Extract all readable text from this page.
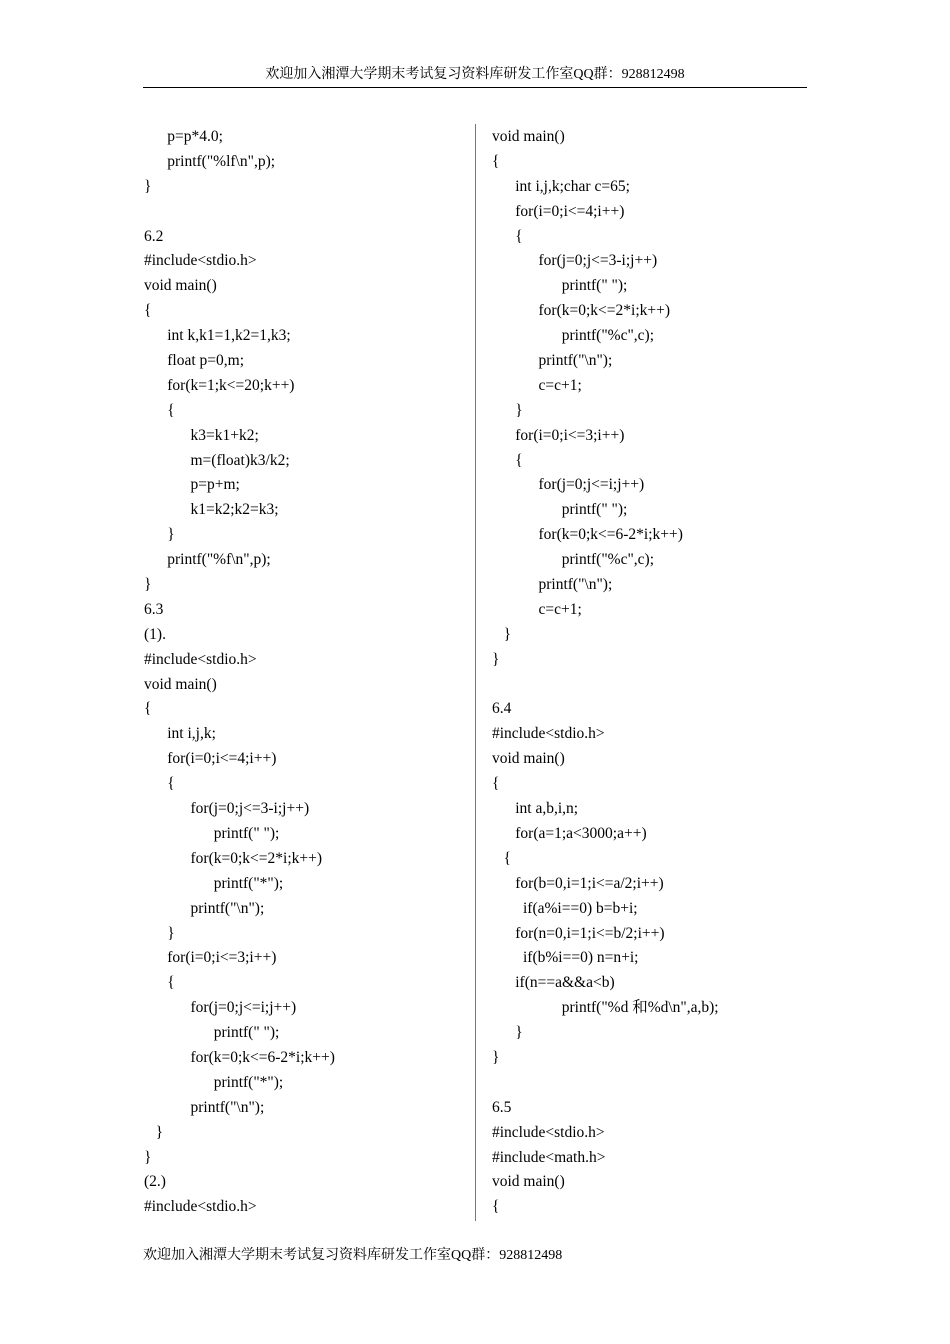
欢迎加入湘潭大学期末考试复习资料库研发工作室QQ群：928812498
p=p*4.0;
printf("%lf\n",p);
}
6.2
#include<stdio.h>
void main()
{
int k,k1=1,k2=1,k3;
float p=0,m;
for(k=1;k<=20;k++)
{
k3=k1+k2;
m=(float)k3/k2;
p=p+m;
k1=k2;k2=k3;
}
printf("%f\n",p);
}
6.3
(1).
#include<stdio.h>
void main()
{
int i,j,k;
for(i=0;i<=4;i++)
{
for(j=0;j<=3-i;j++)
printf(" ");
for(k=0;k<=2*i;k++)
printf("*");
printf("\n");
}
for(i=0;i<=3;i++)
{
for(j=0;j<=i;j++)
printf(" ");
for(k=0;k<=6-2*i;k++)
printf("*");
printf("\n");
}
}
(2.)
#include<stdio.h>
void main()
{
int i,j,k;char c=65;
for(i=0;i<=4;i++)
{
for(j=0;j<=3-i;j++)
printf(" ");
for(k=0;k<=2*i;k++)
printf("%c",c);
printf("\n");
c=c+1;
}
for(i=0;i<=3;i++)
{
for(j=0;j<=i;j++)
printf(" ");
for(k=0;k<=6-2*i;k++)
printf("%c",c);
printf("\n");
c=c+1;
}
}
6.4
#include<stdio.h>
void main()
{
int a,b,i,n;
for(a=1;a<3000;a++)
{
for(b=0,i=1;i<=a/2;i++)
if(a%i==0) b=b+i;
for(n=0,i=1;i<=b/2;i++)
if(b%i==0) n=n+i;
if(n==a&&a<b)
printf("%d 和%d\n",a,b);
}
}
6.5
#include<stdio.h>
#include<math.h>
void main()
{
欢迎加入湘潭大学期末考试复习资料库研发工作室QQ群：928812498
